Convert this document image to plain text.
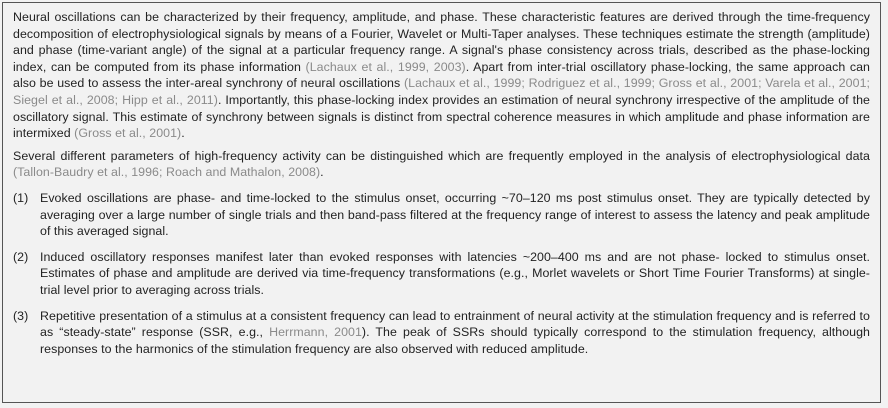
Neural oscillations can be characterized by their frequency, amplitude, and phase. These characteristic features are derived through the time-frequency decomposition of electrophysiological signals by means of a Fourier, Wavelet or Multi-Taper analyses. These techniques estimate the strength (amplitude) and phase (time-variant angle) of the signal at a particular frequency range. A signal's phase consistency across trials, described as the phase-locking index, can be computed from its phase information (Lachaux et al., 1999, 2003). Apart from inter-trial oscillatory phase-locking, the same approach can also be used to assess the inter-areal synchrony of neural oscillations (Lachaux et al., 1999; Rodriguez et al., 1999; Gross et al., 2001; Varela et al., 2001; Siegel et al., 2008; Hipp et al., 2011). Importantly, this phase-locking index provides an estimation of neural synchrony irrespective of the amplitude of the oscillatory signal. This estimate of synchrony between signals is distinct from spectral coherence measures in which amplitude and phase information are intermixed (Gross et al., 2001).

Several different parameters of high-frequency activity can be distinguished which are frequently employed in the analysis of electrophysiological data (Tallon-Baudry et al., 1996; Roach and Mathalon, 2008).

(1) Evoked oscillations are phase- and time-locked to the stimulus onset, occurring ~70–120 ms post stimulus onset. They are typically detected by averaging over a large number of single trials and then band-pass filtered at the frequency range of interest to assess the latency and peak amplitude of this averaged signal.
(2) Induced oscillatory responses manifest later than evoked responses with latencies ~200–400 ms and are not phase- locked to stimulus onset. Estimates of phase and amplitude are derived via time-frequency transformations (e.g., Morlet wavelets or Short Time Fourier Transforms) at single-trial level prior to averaging across trials.
(3) Repetitive presentation of a stimulus at a consistent frequency can lead to entrainment of neural activity at the stimulation frequency and is referred to as “steady-state” response (SSR, e.g., Herrmann, 2001). The peak of SSRs should typically correspond to the stimulation frequency, although responses to the harmonics of the stimulation frequency are also observed with reduced amplitude.
